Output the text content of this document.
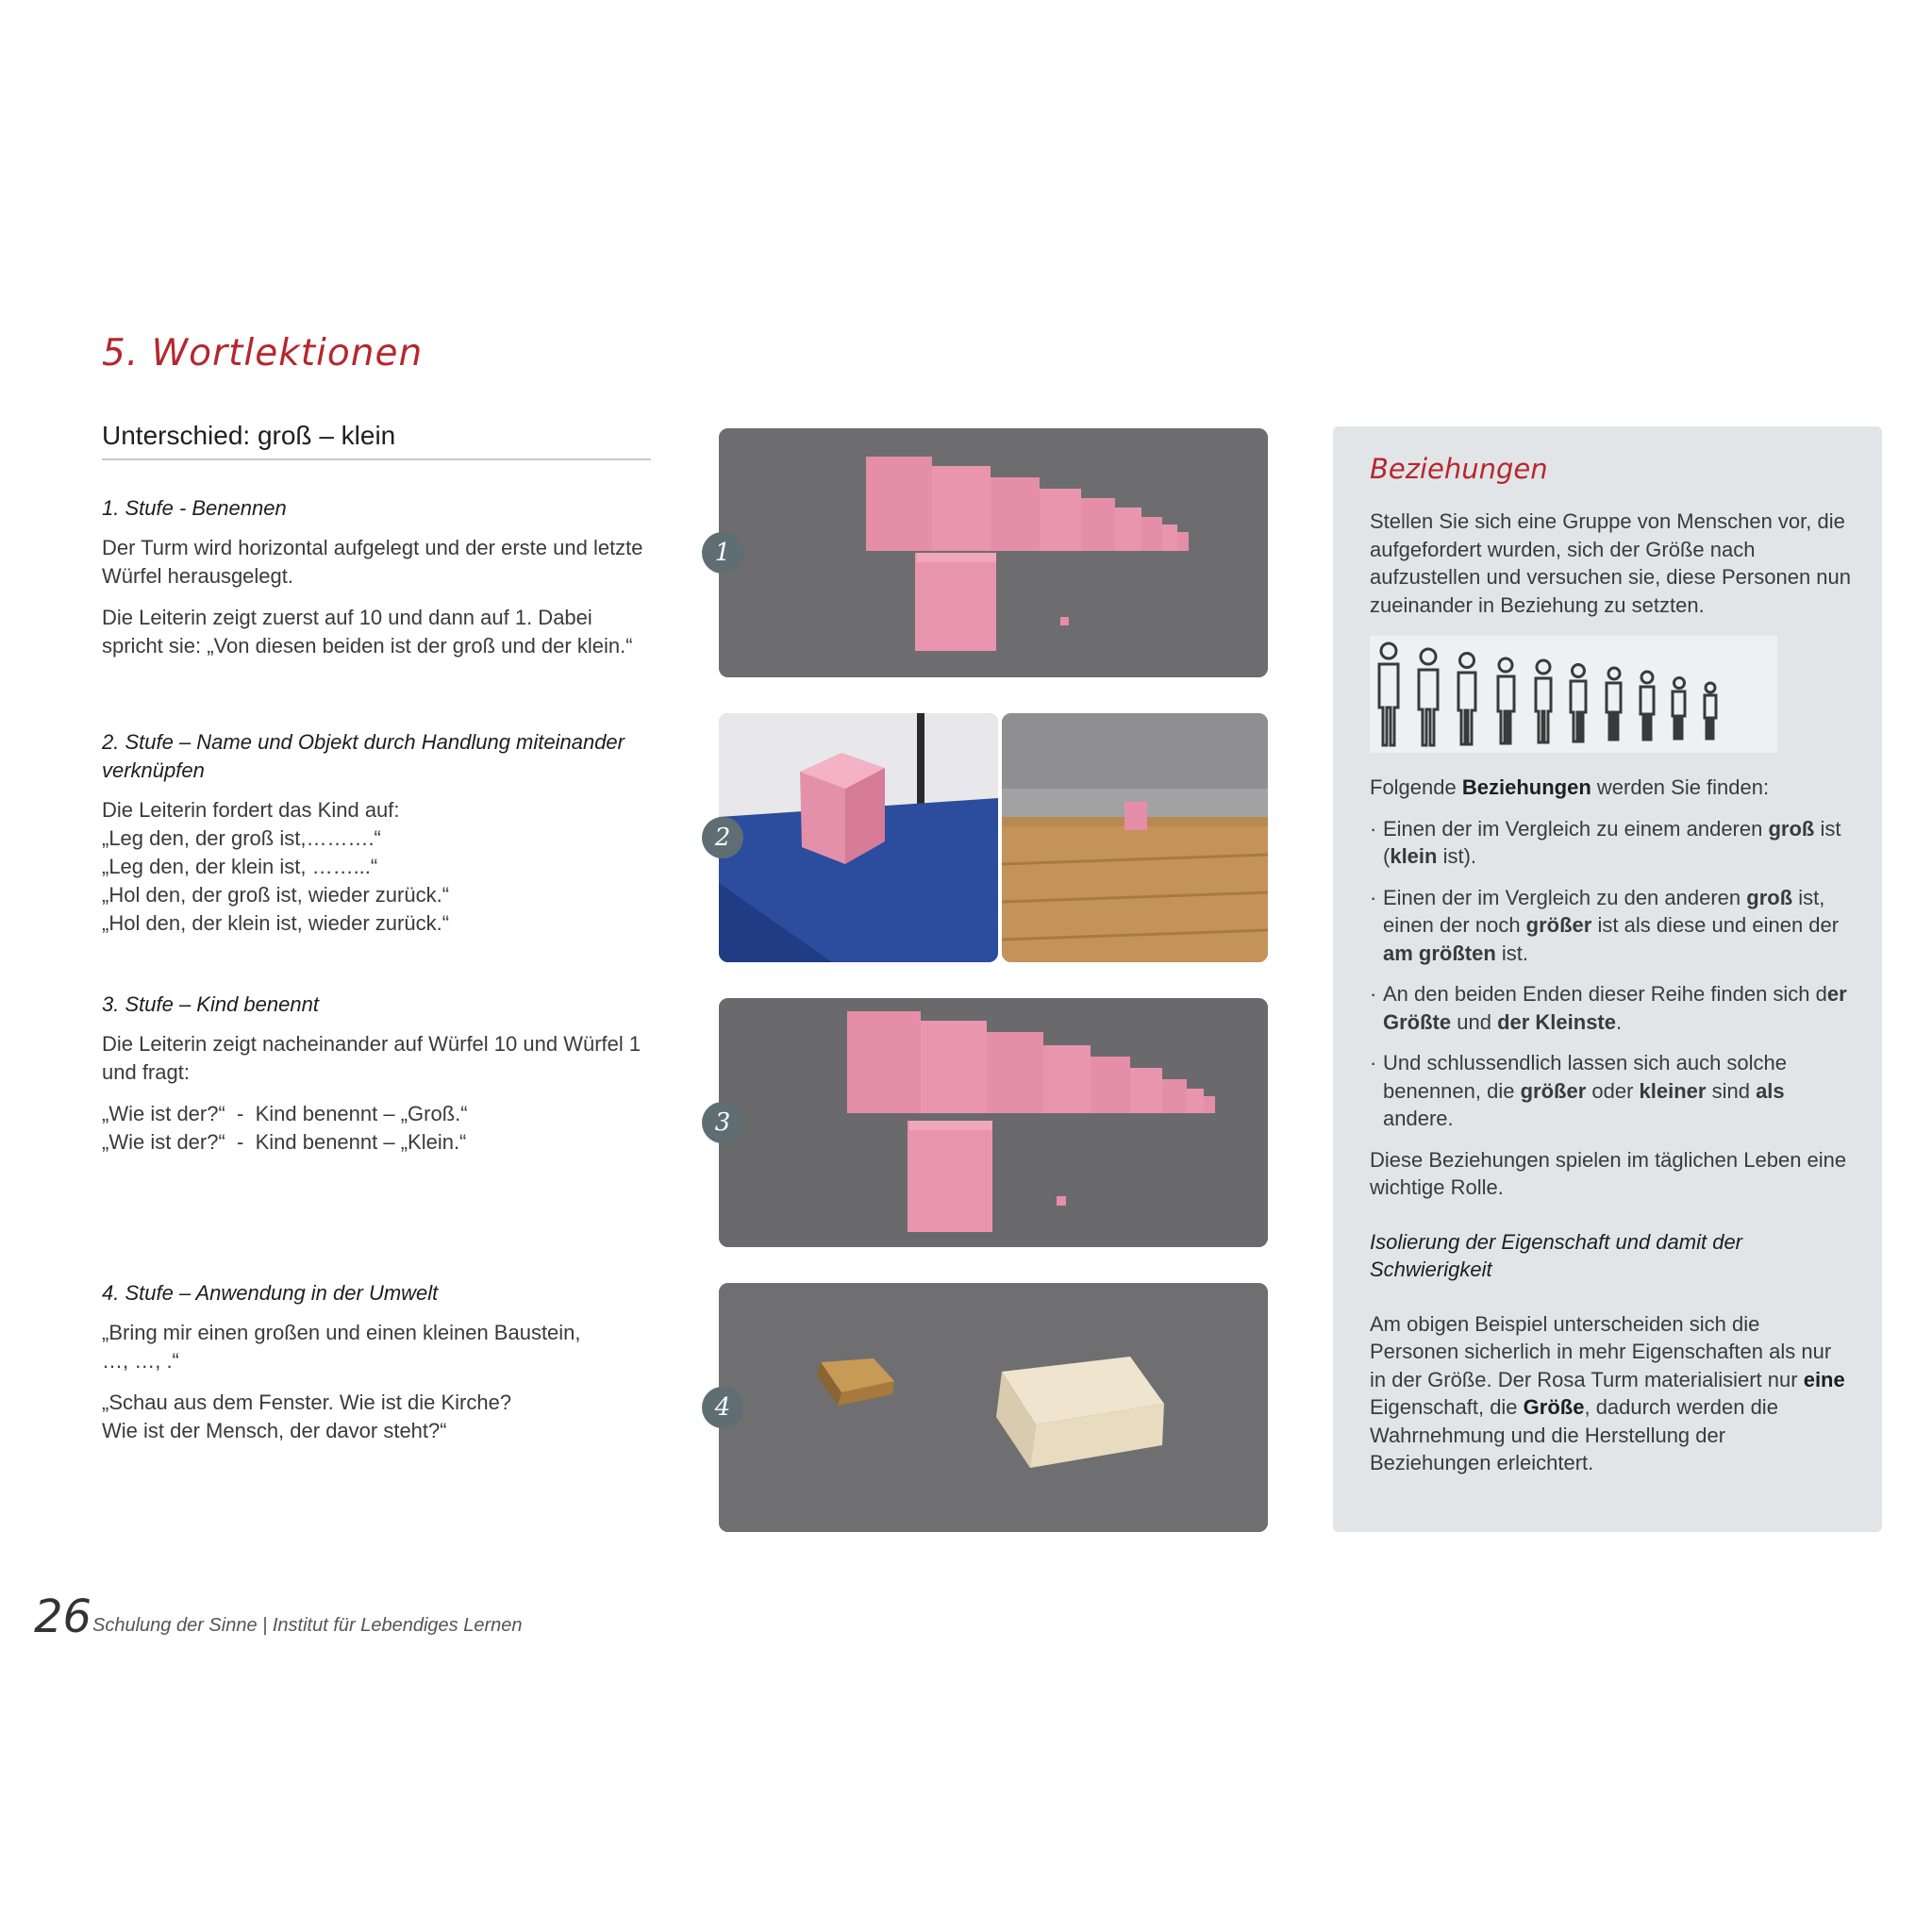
5. Wortlektionen
Unterschied: groß – klein
1. Stufe - Benennen

Der Turm wird horizontal aufgelegt und der erste und letzte Würfel herausgelegt.

Die Leiterin zeigt zuerst auf 10 und dann auf 1. Dabei spricht sie: „Von diesen beiden ist der groß und der klein.“

2. Stufe – Name und Objekt durch Handlung miteinander verknüpfen

Die Leiterin fordert das Kind auf:

„Leg den, der groß ist,……….“

„Leg den, der klein ist, ……...“

„Hol den, der groß ist, wieder zurück.“

„Hol den, der klein ist, wieder zurück.“

3. Stufe – Kind benennt

Die Leiterin zeigt nacheinander auf Würfel 10 und Würfel 1 und fragt:

„Wie ist der?“  -  Kind benennt – „Groß.“

„Wie ist der?“  -  Kind benennt – „Klein.“

4. Stufe – Anwendung in der Umwelt

„Bring mir einen großen und einen kleinen Baustein, …, …, .“

„Schau aus dem Fenster. Wie ist die Kirche? Wie ist der Mensch, der davor steht?“

1
2
3
4
Beziehungen

Stellen Sie sich eine Gruppe von Menschen vor, die aufgefordert wurden, sich der Größe nach aufzustellen und versuchen sie, diese Personen nun zueinander in Beziehung zu setzten.

Folgende Beziehungen werden Sie finden:

· Einen der im Vergleich zu einem anderen groß ist (klein ist).
· Einen der im Vergleich zu den anderen groß ist, einen der noch größer ist als diese und einen der am größten ist.
· An den beiden Enden dieser Reihe finden sich der Größte und der Kleinste.
· Und schlussendlich lassen sich auch solche benennen, die größer oder kleiner sind als andere.

Diese Beziehungen spielen im täglichen Leben eine wichtige Rolle.

Isolierung der Eigenschaft und damit der Schwierigkeit

Am obigen Beispiel unterscheiden sich die Personen sicherlich in mehr Eigenschaften als nur in der Größe. Der Rosa Turm materialisiert nur eine Eigenschaft, die Größe, dadurch werden die Wahrnehmung und die Herstellung der Beziehungen erleichtert.

26 Schulung der Sinne | Institut für Lebendiges Lernen
